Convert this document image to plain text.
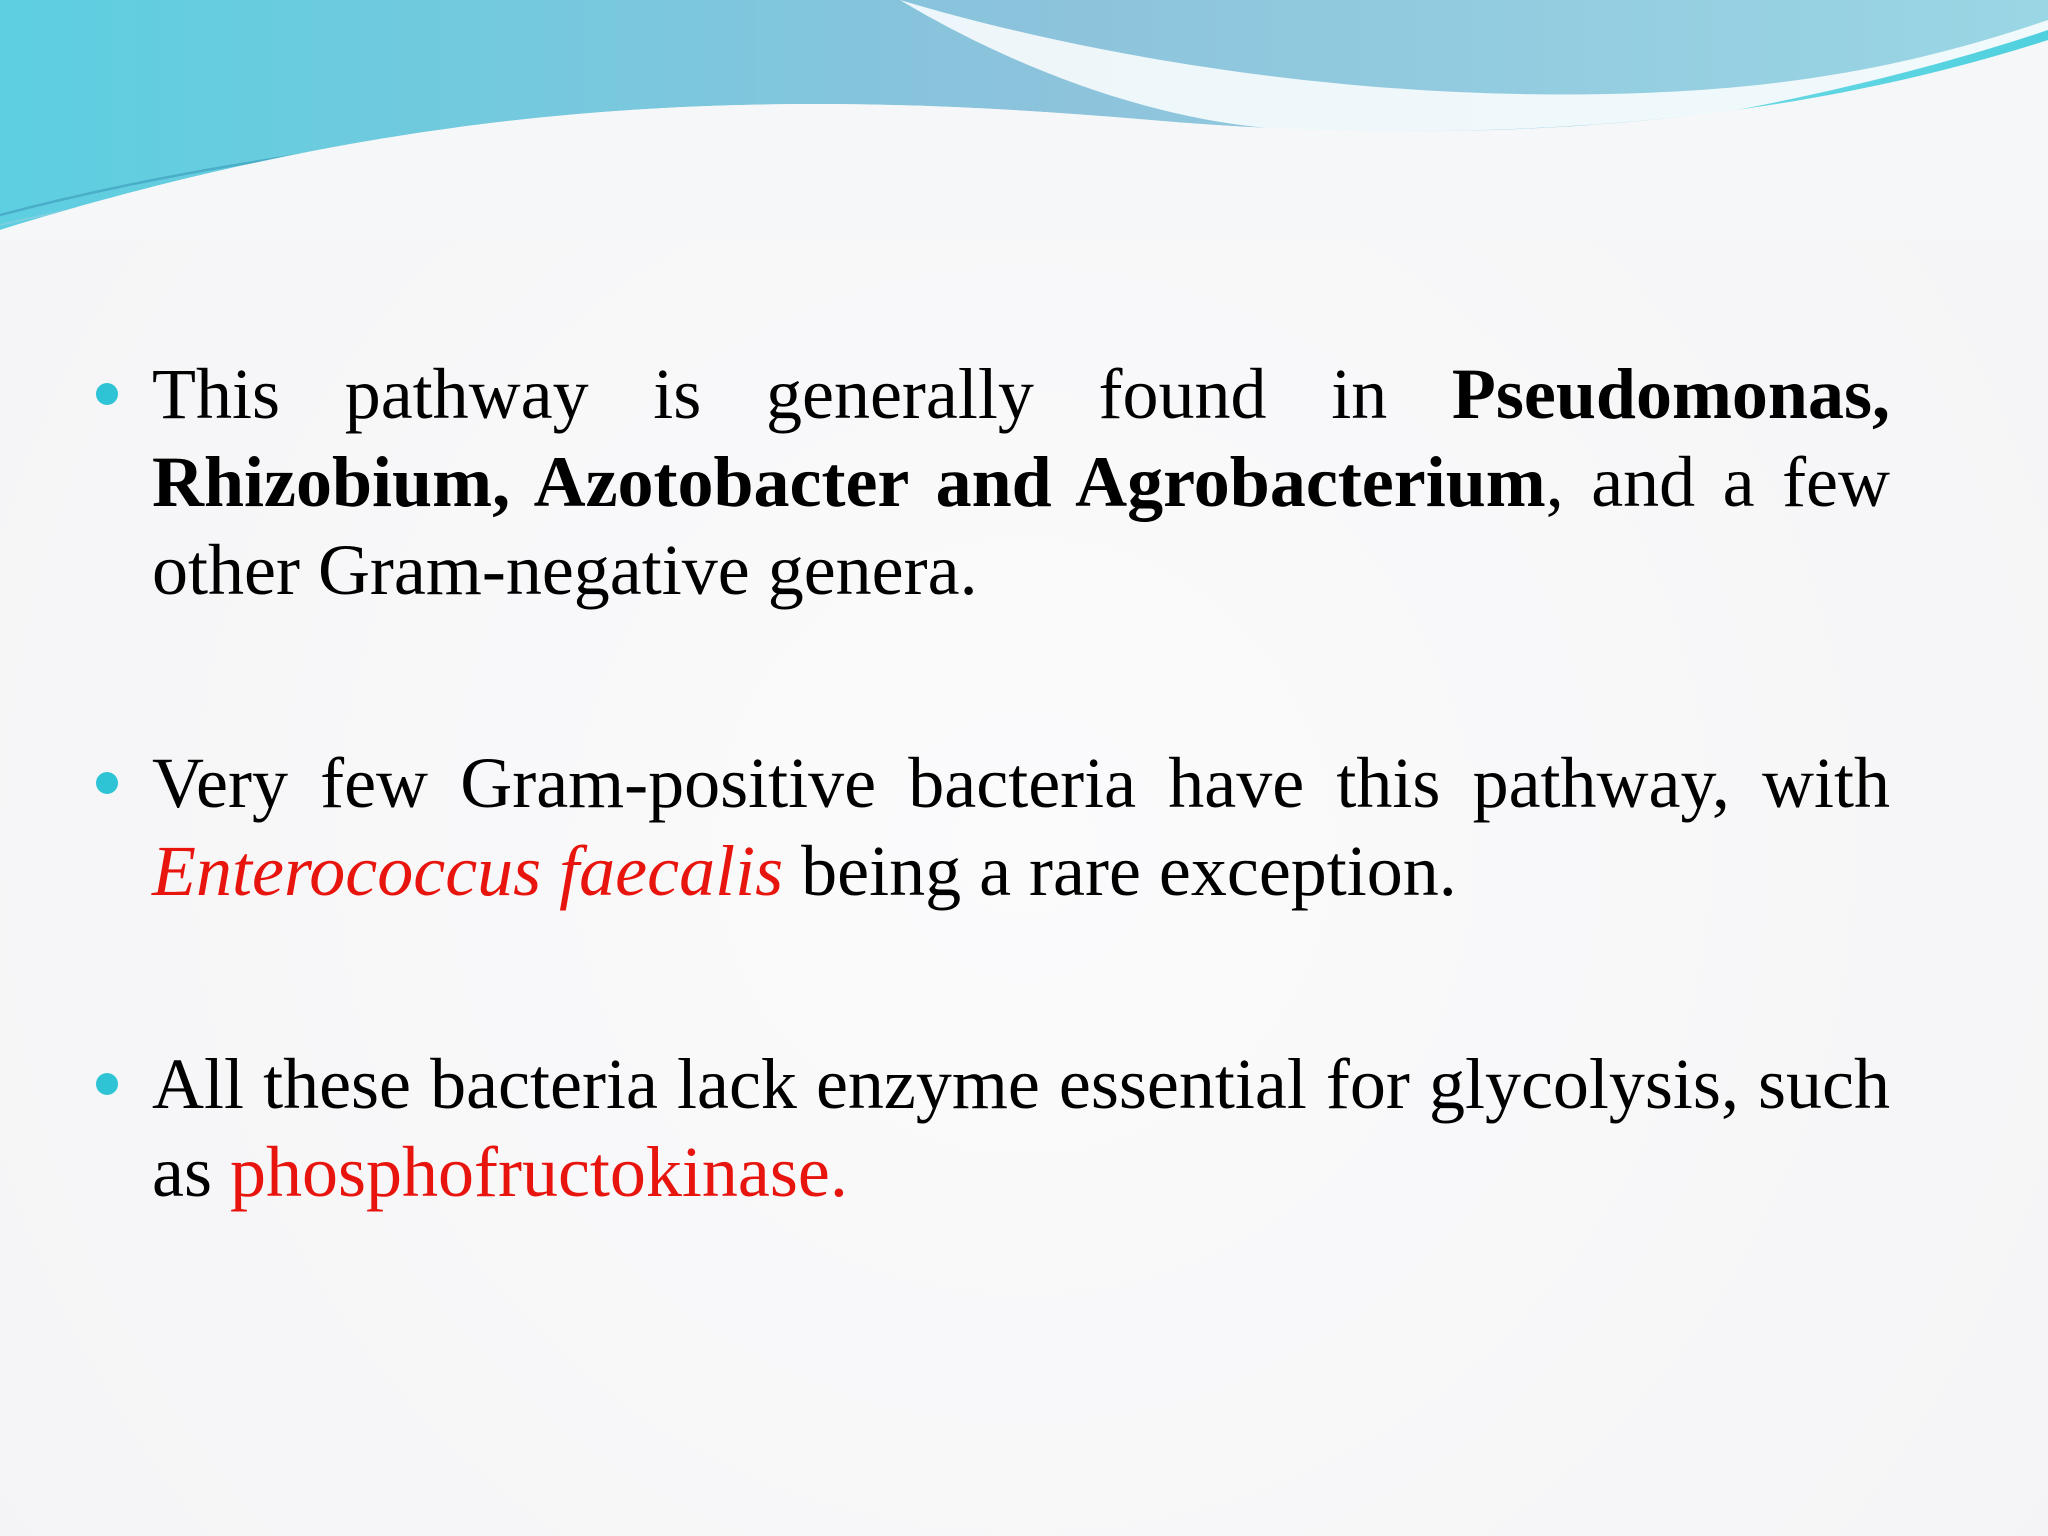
This pathway is generally found in Pseudomonas, Rhizobium, Azotobacter and Agrobacterium, and a few other Gram-negative genera.

Very few Gram-positive bacteria have this pathway, with Enterococcus faecalis being a rare exception.

All these bacteria lack enzyme essential for glycolysis, such as phosphofructokinase.
